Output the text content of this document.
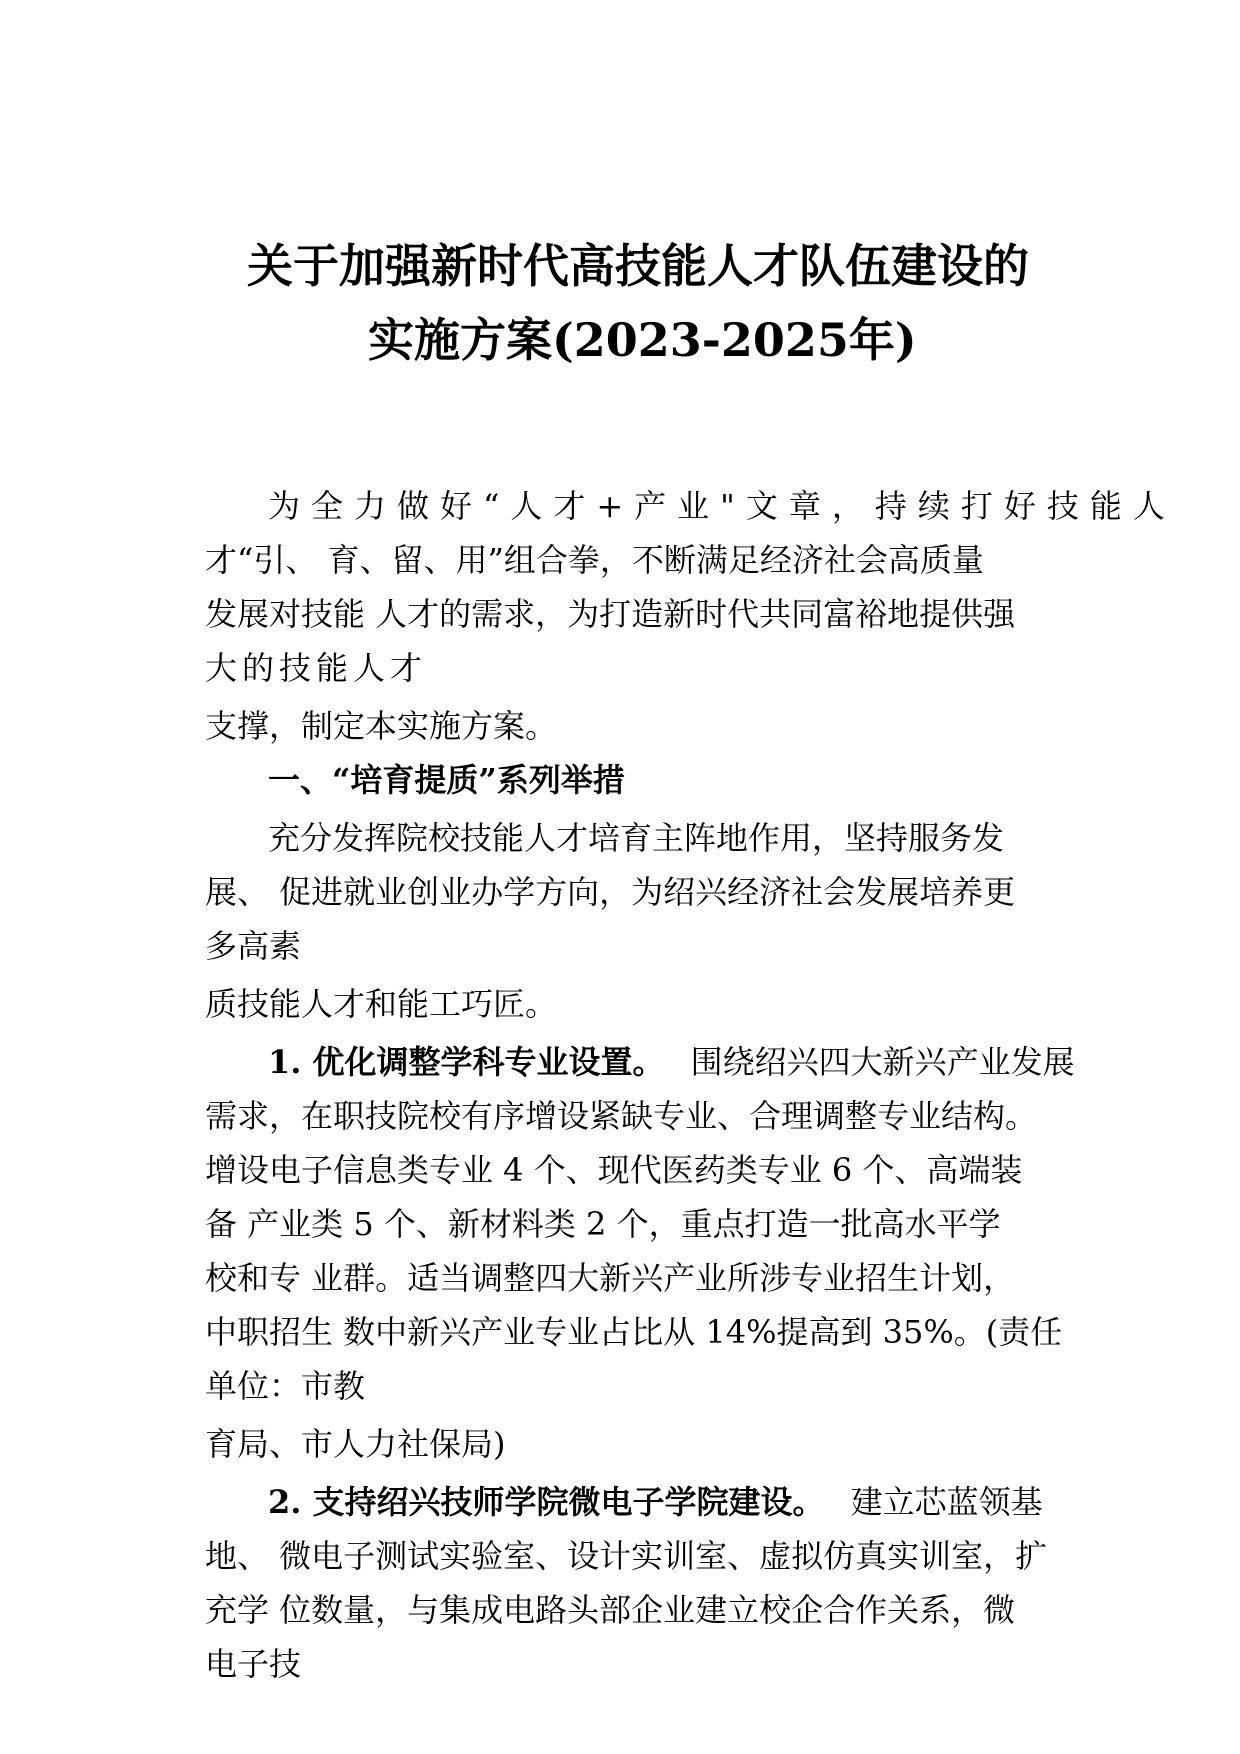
关于加强新时代高技能人才队伍建设的
实施方案(2023-2025年)
为全力做好“人才+产业"文章，持续打好技能人
才“引、 育、留、用”组合拳，不断满足经济社会高质量
发展对技能 人才的需求，为打造新时代共同富裕地提供强
大的技能人才
支撑，制定本实施方案。
一、“培育提质”系列举措
充分发挥院校技能人才培育主阵地作用，坚持服务发
展、 促进就业创业办学方向，为绍兴经济社会发展培养更
多高素
质技能人才和能工巧匠。
1. 优化调整学科专业设置。 围绕绍兴四大新兴产业发展
需求，在职技院校有序增设紧缺专业、合理调整专业结构。
增设电子信息类专业 4 个、现代医药类专业 6 个、高端装
备 产业类 5 个、新材料类 2 个，重点打造一批高水平学
校和专 业群。适当调整四大新兴产业所涉专业招生计划，
中职招生 数中新兴产业专业占比从 14%提高到 35%。(责任
单位：市教
育局、市人力社保局)
2. 支持绍兴技师学院微电子学院建设。 建立芯蓝领基
地、 微电子测试实验室、设计实训室、虚拟仿真实训室，扩
充学 位数量，与集成电路头部企业建立校企合作关系，微
电子技
